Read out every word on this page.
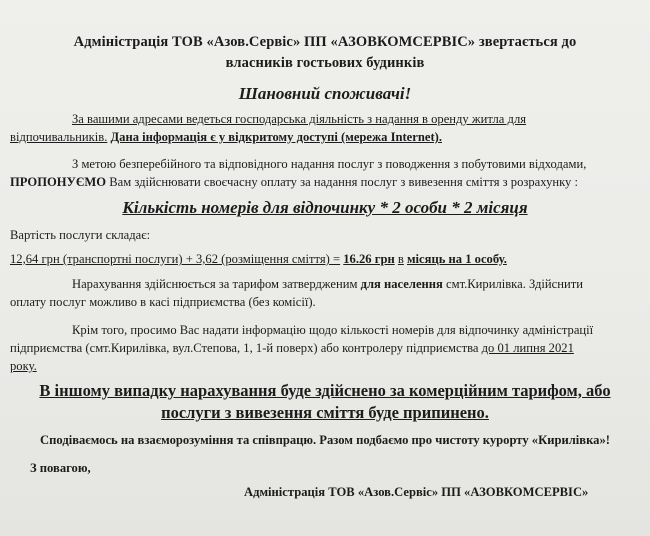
Адміністрація ТОВ «Азов.Сервіс» ПП «АЗОВКОМСЕРВІС» звертається до
власників гостьових будинків
Шановний споживачі!
За вашими адресами ведеться господарська діяльність з надання в оренду житла для
відпочивальників. Дана інформація є у відкритому доступі (мережа Internet).
З метою безперебійного та відповідного надання послуг з поводження з побутовими відходами,
ПРОПОНУЄМО Вам здійснювати своєчасну оплату за надання послуг з вивезення сміття з розрахунку :
Кількість номерів для відпочинку * 2 особи * 2 місяця
Вартість послуги складає:
12,64 грн (транспортні послуги) + 3,62 (розміщення сміття) = 16.26 грн в місяць на 1 особу.
Нарахування здійснюється за тарифом затвердженим для населення смт.Кирилівка. Здійснити
оплату послуг можливо в касі підприємства (без комісії).
Крім того, просимо Вас надати інформацію щодо кількості номерів для відпочинку адміністрації
підприємства (смт.Кирилівка, вул.Степова, 1, 1-й поверх) або контролеру підприємства до 01 липня 2021
року.
В іншому випадку нарахування буде здійснено за комерційним тарифом, або
послуги з вивезення сміття буде припинено.
Сподіваємось на взаєморозуміння та співпрацю. Разом подбаємо про чистоту курорту «Кирилівка»!
З повагою,
Адміністрація ТОВ «Азов.Сервіс» ПП «АЗОВКОМСЕРВІС»
